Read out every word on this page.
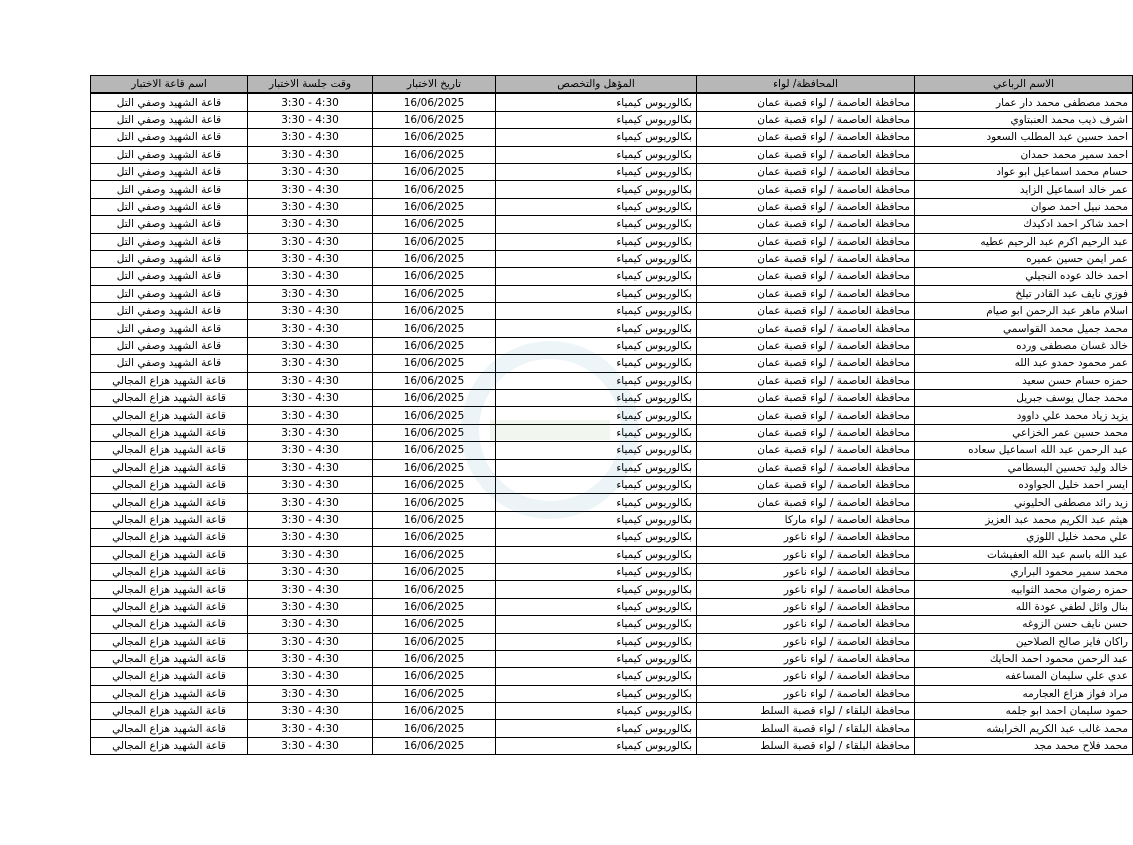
الاسم الرباعي	المحافظة/ لواء	المؤهل والتخصص	تاريخ الاختبار	وقت جلسة الاختبار	اسم قاعة الاختبار
محمد مصطفى محمد دار عمار	محافظة العاصمة / لواء قصبة عمان	بكالوريوس كيمياء	16/06/2025	3:30 - 4:30	قاعة الشهيد وصفي التل
اشرف ذيب محمد العنبتاوي	محافظة العاصمة / لواء قصبة عمان	بكالوريوس كيمياء	16/06/2025	3:30 - 4:30	قاعة الشهيد وصفي التل
احمد حسين عبد المطلب السعود	محافظة العاصمة / لواء قصبة عمان	بكالوريوس كيمياء	16/06/2025	3:30 - 4:30	قاعة الشهيد وصفي التل
احمد سمير محمد حمدان	محافظة العاصمة / لواء قصبة عمان	بكالوريوس كيمياء	16/06/2025	3:30 - 4:30	قاعة الشهيد وصفي التل
حسام محمد اسماعيل ابو عواد	محافظة العاصمة / لواء قصبة عمان	بكالوريوس كيمياء	16/06/2025	3:30 - 4:30	قاعة الشهيد وصفي التل
عمر خالد اسماعيل الزايد	محافظة العاصمة / لواء قصبة عمان	بكالوريوس كيمياء	16/06/2025	3:30 - 4:30	قاعة الشهيد وصفي التل
محمد نبيل احمد صوان	محافظة العاصمة / لواء قصبة عمان	بكالوريوس كيمياء	16/06/2025	3:30 - 4:30	قاعة الشهيد وصفي التل
احمد شاكر احمد ادكيدك	محافظة العاصمة / لواء قصبة عمان	بكالوريوس كيمياء	16/06/2025	3:30 - 4:30	قاعة الشهيد وصفي التل
عبد الرحيم اكرم عبد الرحيم عطيه	محافظة العاصمة / لواء قصبة عمان	بكالوريوس كيمياء	16/06/2025	3:30 - 4:30	قاعة الشهيد وصفي التل
عمر ايمن حسين عميره	محافظة العاصمة / لواء قصبة عمان	بكالوريوس كيمياء	16/06/2025	3:30 - 4:30	قاعة الشهيد وصفي التل
احمد خالد عوده النجيلي	محافظة العاصمة / لواء قصبة عمان	بكالوريوس كيمياء	16/06/2025	3:30 - 4:30	قاعة الشهيد وصفي التل
فوزي نايف عبد القادر تيلخ	محافظة العاصمة / لواء قصبة عمان	بكالوريوس كيمياء	16/06/2025	3:30 - 4:30	قاعة الشهيد وصفي التل
اسلام ماهر عبد الرحمن ابو صيام	محافظة العاصمة / لواء قصبة عمان	بكالوريوس كيمياء	16/06/2025	3:30 - 4:30	قاعة الشهيد وصفي التل
محمد جميل محمد القواسمي	محافظة العاصمة / لواء قصبة عمان	بكالوريوس كيمياء	16/06/2025	3:30 - 4:30	قاعة الشهيد وصفي التل
خالد غسان مصطفى ورده	محافظة العاصمة / لواء قصبة عمان	بكالوريوس كيمياء	16/06/2025	3:30 - 4:30	قاعة الشهيد وصفي التل
عمر محمود حمدو عبد الله	محافظة العاصمة / لواء قصبة عمان	بكالوريوس كيمياء	16/06/2025	3:30 - 4:30	قاعة الشهيد وصفي التل
حمزه حسام حسن سعيد	محافظة العاصمة / لواء قصبة عمان	بكالوريوس كيمياء	16/06/2025	3:30 - 4:30	قاعة الشهيد هزاع المجالي
محمد جمال يوسف جبريل	محافظة العاصمة / لواء قصبة عمان	بكالوريوس كيمياء	16/06/2025	3:30 - 4:30	قاعة الشهيد هزاع المجالي
يزيد زياد محمد علي داوود	محافظة العاصمة / لواء قصبة عمان	بكالوريوس كيمياء	16/06/2025	3:30 - 4:30	قاعة الشهيد هزاع المجالي
محمد حسين عمر الخزاعي	محافظة العاصمة / لواء قصبة عمان	بكالوريوس كيمياء	16/06/2025	3:30 - 4:30	قاعة الشهيد هزاع المجالي
عبد الرحمن عبد الله اسماعيل سعاده	محافظة العاصمة / لواء قصبة عمان	بكالوريوس كيمياء	16/06/2025	3:30 - 4:30	قاعة الشهيد هزاع المجالي
خالد وليد تحسين البسطامي	محافظة العاصمة / لواء قصبة عمان	بكالوريوس كيمياء	16/06/2025	3:30 - 4:30	قاعة الشهيد هزاع المجالي
ايسر احمد خليل الجواوده	محافظة العاصمة / لواء قصبة عمان	بكالوريوس كيمياء	16/06/2025	3:30 - 4:30	قاعة الشهيد هزاع المجالي
زيد رائد مصطفى الحليوني	محافظة العاصمة / لواء قصبة عمان	بكالوريوس كيمياء	16/06/2025	3:30 - 4:30	قاعة الشهيد هزاع المجالي
هيثم عبد الكريم محمد عبد العزيز	محافظة العاصمة / لواء ماركا	بكالوريوس كيمياء	16/06/2025	3:30 - 4:30	قاعة الشهيد هزاع المجالي
علي محمد خليل اللوزي	محافظة العاصمة / لواء ناعور	بكالوريوس كيمياء	16/06/2025	3:30 - 4:30	قاعة الشهيد هزاع المجالي
عبد الله باسم عبد الله العفيشات	محافظة العاصمة / لواء ناعور	بكالوريوس كيمياء	16/06/2025	3:30 - 4:30	قاعة الشهيد هزاع المجالي
محمد سمير محمود البراري	محافظة العاصمة / لواء ناعور	بكالوريوس كيمياء	16/06/2025	3:30 - 4:30	قاعة الشهيد هزاع المجالي
حمزه رضوان محمد الثوابيه	محافظة العاصمة / لواء ناعور	بكالوريوس كيمياء	16/06/2025	3:30 - 4:30	قاعة الشهيد هزاع المجالي
بنال وائل لطفي عودة الله	محافظة العاصمة / لواء ناعور	بكالوريوس كيمياء	16/06/2025	3:30 - 4:30	قاعة الشهيد هزاع المجالي
حسن نايف حسن الزوغه	محافظة العاصمة / لواء ناعور	بكالوريوس كيمياء	16/06/2025	3:30 - 4:30	قاعة الشهيد هزاع المجالي
راكان فايز صالح الصلاحين	محافظة العاصمة / لواء ناعور	بكالوريوس كيمياء	16/06/2025	3:30 - 4:30	قاعة الشهيد هزاع المجالي
عبد الرحمن محمود احمد الحايك	محافظة العاصمة / لواء ناعور	بكالوريوس كيمياء	16/06/2025	3:30 - 4:30	قاعة الشهيد هزاع المجالي
عدي علي سليمان المساعفه	محافظة العاصمة / لواء ناعور	بكالوريوس كيمياء	16/06/2025	3:30 - 4:30	قاعة الشهيد هزاع المجالي
مراد فواز هزاع العجارمه	محافظة العاصمة / لواء ناعور	بكالوريوس كيمياء	16/06/2025	3:30 - 4:30	قاعة الشهيد هزاع المجالي
حمود سليمان احمد ابو جلمه	محافظة البلقاء / لواء قصبة السلط	بكالوريوس كيمياء	16/06/2025	3:30 - 4:30	قاعة الشهيد هزاع المجالي
محمد غالب عبد الكريم الخرابشه	محافظة البلقاء / لواء قصبة السلط	بكالوريوس كيمياء	16/06/2025	3:30 - 4:30	قاعة الشهيد هزاع المجالي
محمد فلاح محمد مجد	محافظة البلقاء / لواء قصبة السلط	بكالوريوس كيمياء	16/06/2025	3:30 - 4:30	قاعة الشهيد هزاع المجالي
